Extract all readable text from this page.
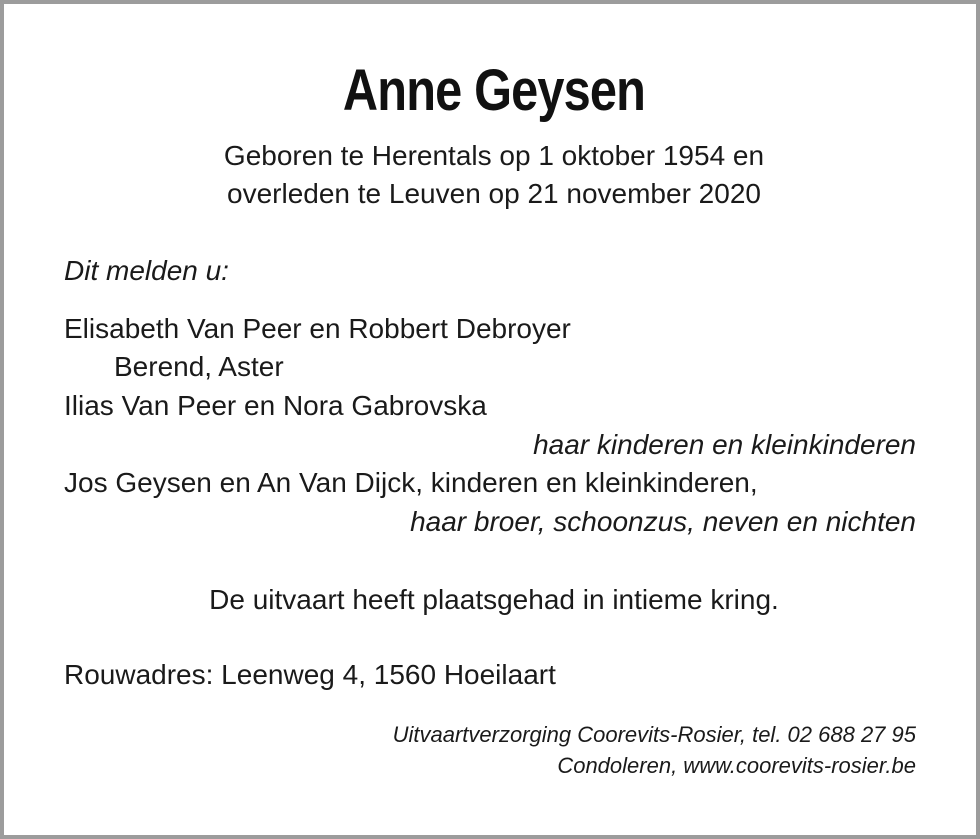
Anne Geysen
Geboren te Herentals op 1 oktober 1954 en
overleden te Leuven op 21 november 2020
Dit melden u:
Elisabeth Van Peer en Robbert Debroyer
Berend, Aster
Ilias Van Peer en Nora Gabrovska
haar kinderen en kleinkinderen
Jos Geysen en An Van Dijck, kinderen en kleinkinderen,
haar broer, schoonzus, neven en nichten
De uitvaart heeft plaatsgehad in intieme kring.
Rouwadres: Leenweg 4, 1560 Hoeilaart
Uitvaartverzorging Coorevits-Rosier, tel. 02 688 27 95
Condoleren, www.coorevits-rosier.be
